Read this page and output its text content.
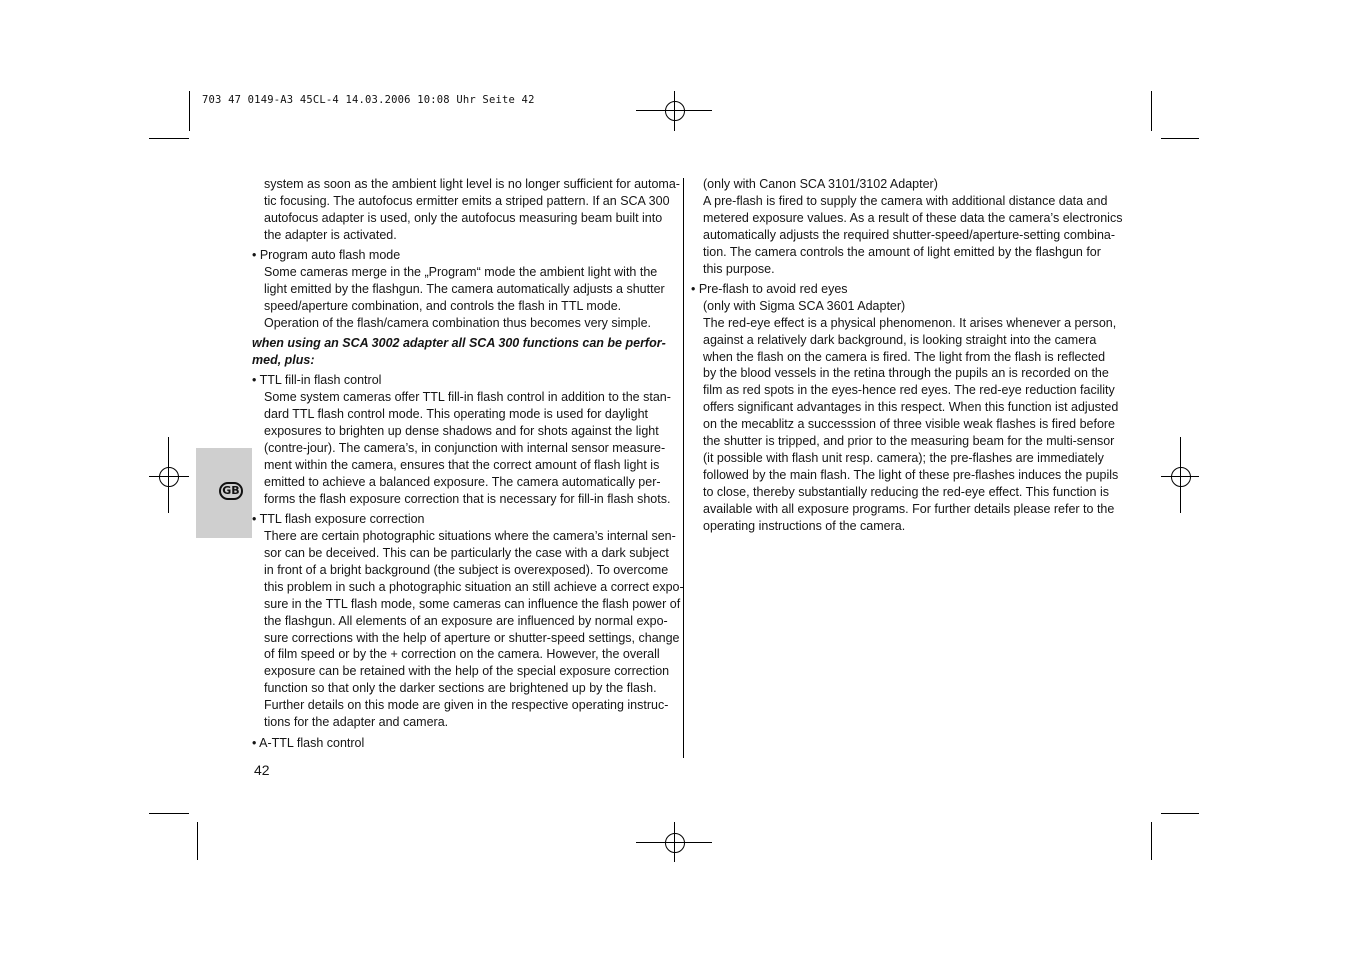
703 47 0149-A3 45CL-4 14.03.2006 10:08 Uhr Seite 42
GB
system as soon as the ambient light level is no longer sufficient for automa-
tic focusing. The autofocus ermitter emits a striped pattern. If an SCA 300
autofocus adapter is used, only the autofocus measuring beam built into
the adapter is activated.
• Program auto flash mode
Some cameras merge in the „Program“ mode the ambient light with the
light emitted by the flashgun. The camera automatically adjusts a shutter
speed/aperture combination, and controls the flash in TTL mode.
Operation of the flash/camera combination thus becomes very simple.
when using an SCA 3002 adapter all SCA 300 functions can be perfor-
med, plus:
• TTL fill-in flash control
Some system cameras offer TTL fill-in flash control in addition to the stan-
dard TTL flash control mode. This operating mode is used for daylight
exposures to brighten up dense shadows and for shots against the light
(contre-jour). The camera’s, in conjunction with internal sensor measure-
ment within the camera, ensures that the correct amount of flash light is
emitted to achieve a balanced exposure. The camera automatically per-
forms the flash exposure correction that is necessary for fill-in flash shots.
• TTL flash exposure correction
There are certain photographic situations where the camera’s internal sen-
sor can be deceived. This can be particularly the case with a dark subject
in front of a bright background (the subject is overexposed). To overcome
this problem in such a photographic situation an still achieve a correct expo-
sure in the TTL flash mode, some cameras can influence the flash power of
the flashgun. All elements of an exposure are influenced by normal expo-
sure corrections with the help of aperture or shutter-speed settings, change
of film speed or by the + correction on the camera. However, the overall
exposure can be retained with the help of the special exposure correction
function so that only the darker sections are brightened up by the flash.
Further details on this mode are given in the respective operating instruc-
tions for the adapter and camera.
• A-TTL flash control
42
(only with Canon SCA 3101/3102 Adapter)
A pre-flash is fired to supply the camera with additional distance data and
metered exposure values. As a result of these data the camera’s electronics
automatically adjusts the required shutter-speed/aperture-setting combina-
tion. The camera controls the amount of light emitted by the flashgun for
this purpose.
• Pre-flash to avoid red eyes
(only with Sigma SCA 3601 Adapter)
The red-eye effect is a physical phenomenon. It arises whenever a person,
against a relatively dark background, is looking straight into the camera
when the flash on the camera is fired. The light from the flash is reflected
by the blood vessels in the retina through the pupils an is recorded on the
film as red spots in the eyes-hence red eyes. The red-eye reduction facility
offers significant advantages in this respect. When this function ist adjusted
on the mecablitz a successsion of three visible weak flashes is fired before
the shutter is tripped, and prior to the measuring beam for the multi-sensor
(it possible with flash unit resp. camera); the pre-flashes are immediately
followed by the main flash. The light of these pre-flashes induces the pupils
to close, thereby substantially reducing the red-eye effect. This function is
available with all exposure programs. For further details please refer to the
operating instructions of the camera.
